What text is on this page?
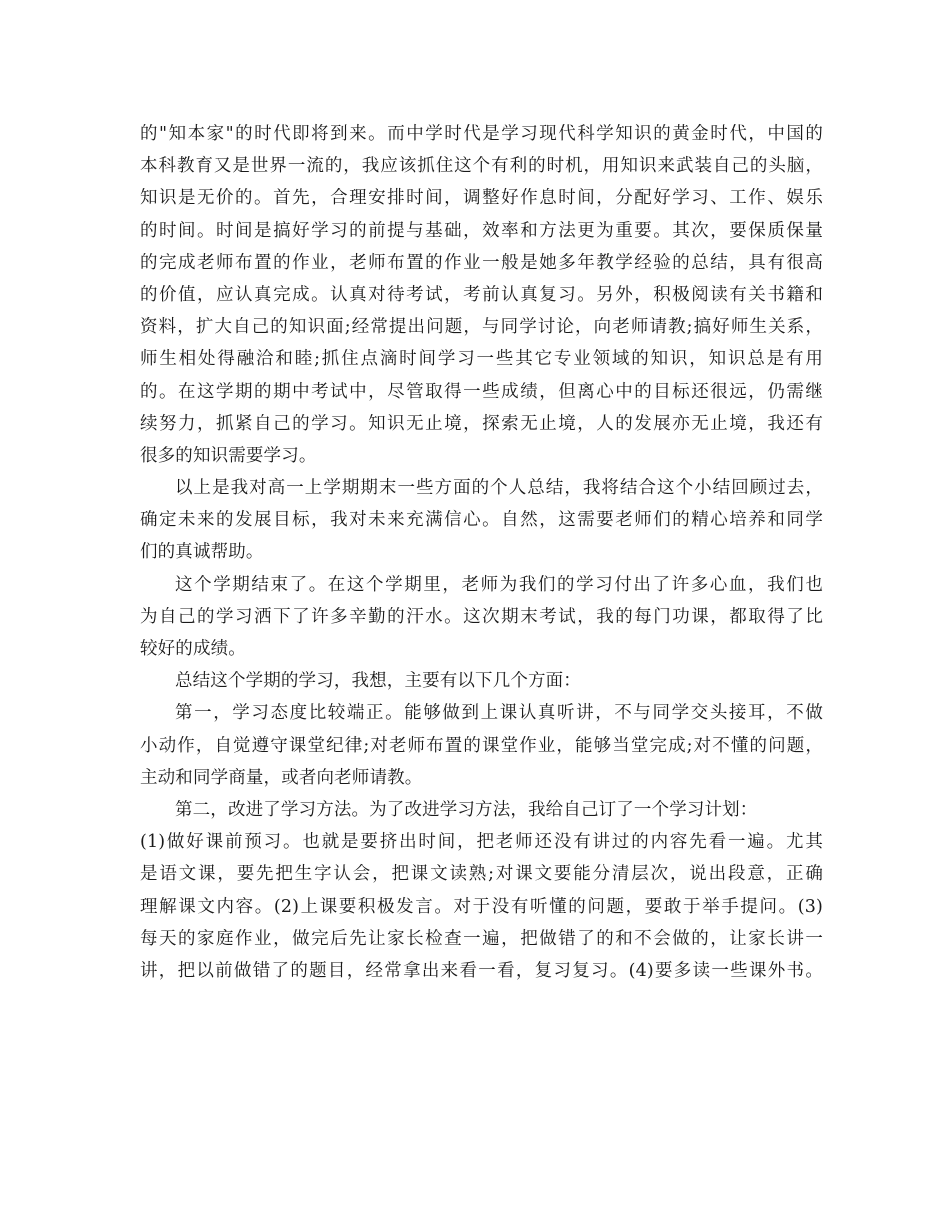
的"知本家"的时代即将到来。而中学时代是学习现代科学知识的黄金时代，中国的
本科教育又是世界一流的，我应该抓住这个有利的时机，用知识来武装自己的头脑，
知识是无价的。首先，合理安排时间，调整好作息时间，分配好学习、工作、娱乐
的时间。时间是搞好学习的前提与基础，效率和方法更为重要。其次，要保质保量
的完成老师布置的作业，老师布置的作业一般是她多年教学经验的总结，具有很高
的价值，应认真完成。认真对待考试，考前认真复习。另外，积极阅读有关书籍和
资料，扩大自己的知识面;经常提出问题，与同学讨论，向老师请教;搞好师生关系，
师生相处得融洽和睦;抓住点滴时间学习一些其它专业领域的知识，知识总是有用
的。在这学期的期中考试中，尽管取得一些成绩，但离心中的目标还很远，仍需继
续努力，抓紧自己的学习。知识无止境，探索无止境，人的发展亦无止境，我还有
很多的知识需要学习。
以上是我对高一上学期期末一些方面的个人总结，我将结合这个小结回顾过去，
确定未来的发展目标，我对未来充满信心。自然，这需要老师们的精心培养和同学
们的真诚帮助。
这个学期结束了。在这个学期里，老师为我们的学习付出了许多心血，我们也
为自己的学习洒下了许多辛勤的汗水。这次期末考试，我的每门功课，都取得了比
较好的成绩。
总结这个学期的学习，我想，主要有以下几个方面：
第一，学习态度比较端正。能够做到上课认真听讲，不与同学交头接耳，不做
小动作，自觉遵守课堂纪律;对老师布置的课堂作业，能够当堂完成;对不懂的问题，
主动和同学商量，或者向老师请教。
第二，改进了学习方法。为了改进学习方法，我给自己订了一个学习计划：
(1)做好课前预习。也就是要挤出时间，把老师还没有讲过的内容先看一遍。尤其
是语文课，要先把生字认会，把课文读熟;对课文要能分清层次，说出段意，正确
理解课文内容。(2)上课要积极发言。对于没有听懂的问题，要敢于举手提问。(3)
每天的家庭作业，做完后先让家长检查一遍，把做错了的和不会做的，让家长讲一
讲，把以前做错了的题目，经常拿出来看一看，复习复习。(4)要多读一些课外书。
